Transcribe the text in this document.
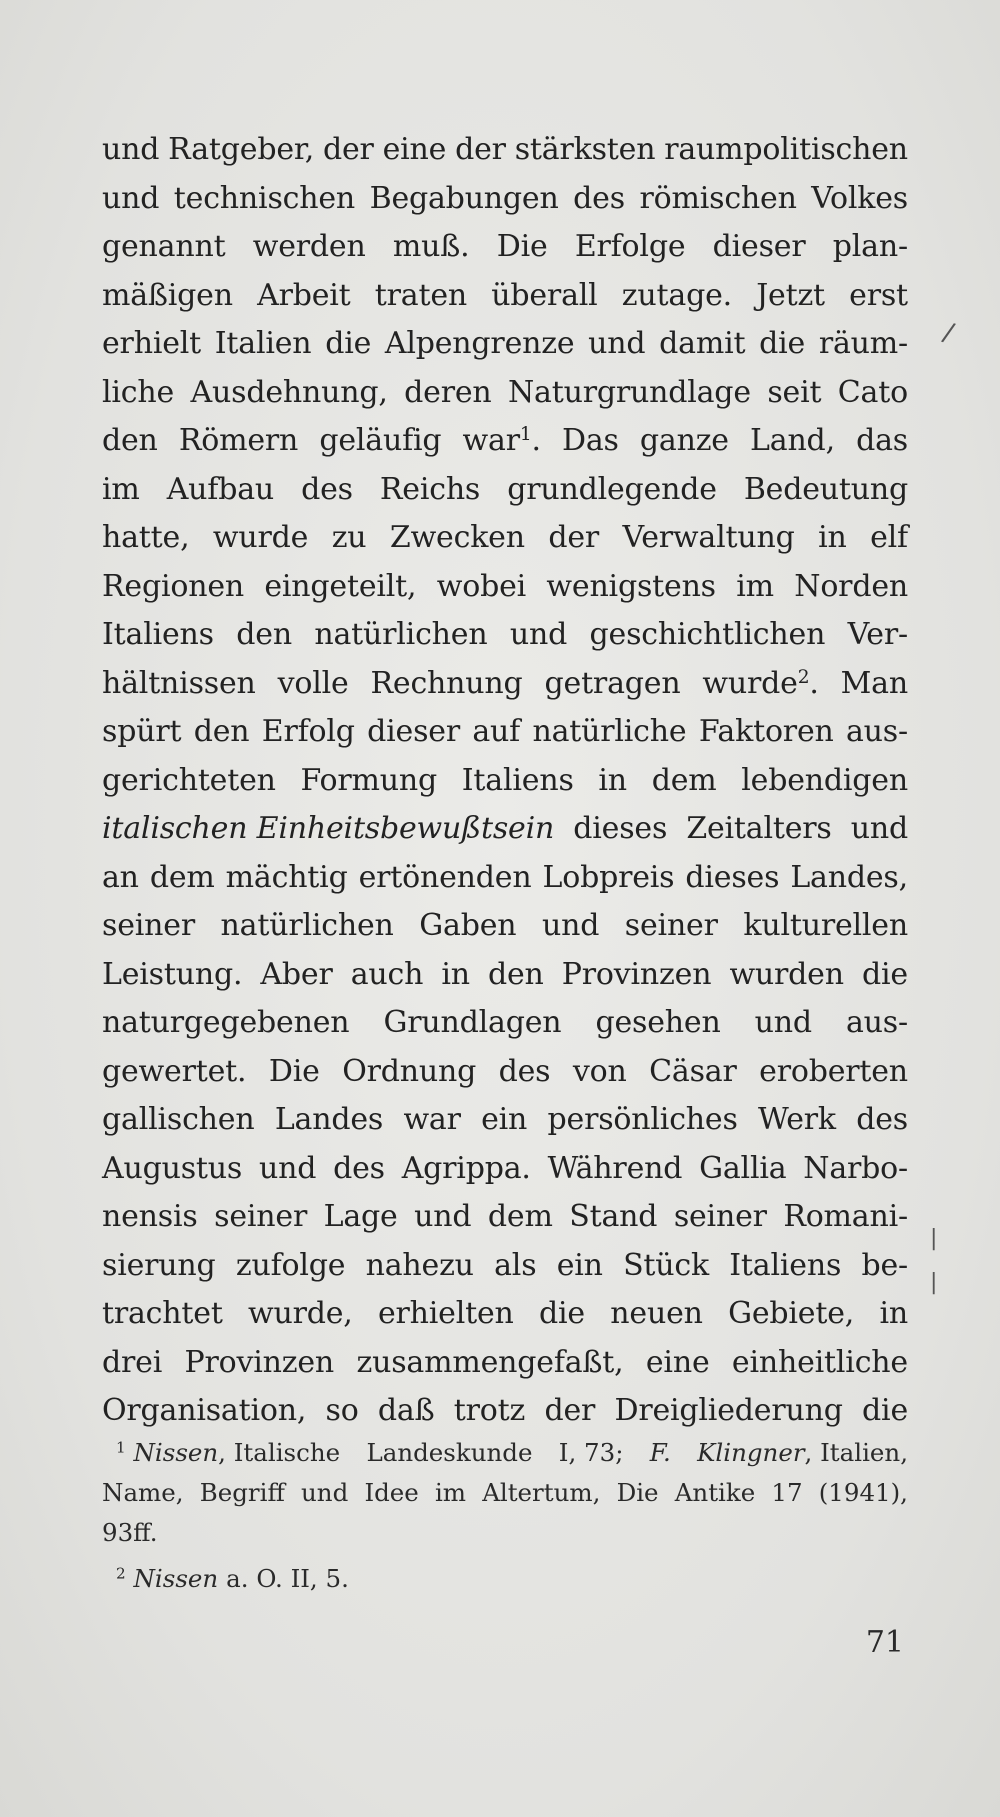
und Ratgeber, der eine der stärksten raumpolitischen
und technischen Begabungen des römischen Volkes
genannt werden muß. Die Erfolge dieser plan-
mäßigen Arbeit traten überall zutage. Jetzt erst
erhielt Italien die Alpengrenze und damit die räum-
liche Ausdehnung, deren Naturgrundlage seit Cato
den Römern geläufig war$^1$. Das ganze Land, das
im Aufbau des Reichs grundlegende Bedeutung
hatte, wurde zu Zwecken der Verwaltung in elf
Regionen eingeteilt, wobei wenigstens im Norden
Italiens den natürlichen und geschichtlichen Ver-
hältnissen volle Rechnung getragen wurde$^2$. Man
spürt den Erfolg dieser auf natürliche Faktoren aus-
gerichteten Formung Italiens in dem lebendigen
italischen Einheitsbewußtsein dieses Zeitalters und
an dem mächtig ertönenden Lobpreis dieses Landes,
seiner natürlichen Gaben und seiner kulturellen
Leistung. Aber auch in den Provinzen wurden die
naturgegebenen Grundlagen gesehen und aus-
gewertet. Die Ordnung des von Cäsar eroberten
gallischen Landes war ein persönliches Werk des
Augustus und des Agrippa. Während Gallia Narbo-
nensis seiner Lage und dem Stand seiner Romani-
sierung zufolge nahezu als ein Stück Italiens be-
trachtet wurde, erhielten die neuen Gebiete, in
drei Provinzen zusammengefaßt, eine einheitliche
Organisation, so daß trotz der Dreigliederung die
$^1$ Nissen, Italische Landeskunde I, 73; F. Klingner, Italien,
Name, Begriff und Idee im Altertum, Die Antike 17 (1941),
93ff.
$^2$ Nissen a. O. II, 5.
71
/
|
|
